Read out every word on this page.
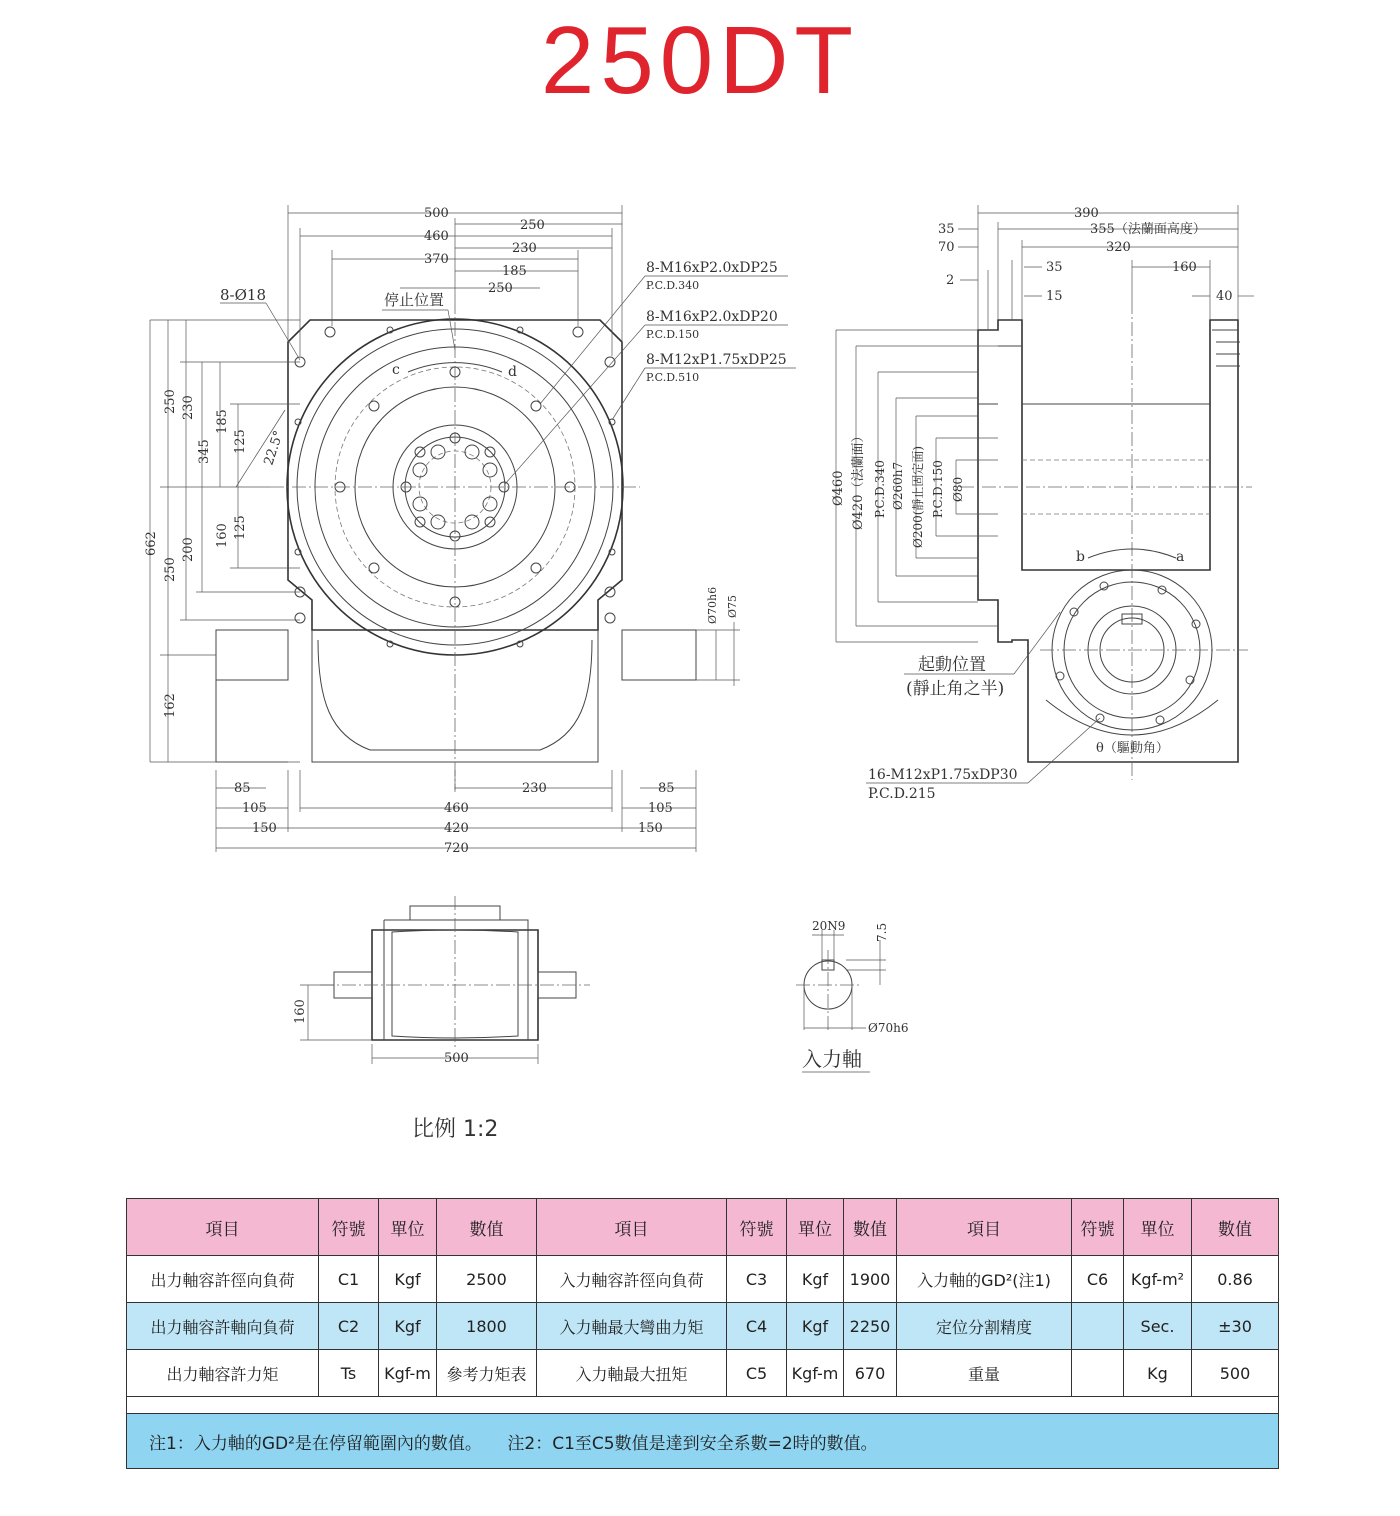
250DT
c	d
500
460
370
250
230
185
250
8-Ø18	停止位置
8-M16xP2.0xDP25
P.C.D.340
8-M16xP2.0xDP20
P.C.D.150
8-M12xP1.75xDP25
P.C.D.510
662
250
250
230
200
345
185
160
125
125
162
22.5°
Ø70h6 Ø75
85
105
150
460
420
720
230	85
105
150
b	a
θ（驅動角）
起動位置
(靜止角之半)
16-M12xP1.75xDP30
P.C.D.215
390
355（法蘭面高度）
320
35
70
35
15
160
2
40
Ø460 Ø420（法蘭面） P.C.D.340 Ø260h7 Ø200(靜止固定面) P.C.D.150 Ø80
160
500
20N9 7.5
Ø70h6
入力軸
比例 1:2
項目	符號	單位	數值	項目	符號	單位	數值	項目	符號	單位	數值
出力軸容許徑向負荷	C1	Kgf	2500	入力軸容許徑向負荷	C3	Kgf	1900	入力軸的GD²(注1)	C6	Kgf-m²	0.86
出力軸容許軸向負荷	C2	Kgf	1800	入力軸最大彎曲力矩	C4	Kgf	2250	定位分割精度		Sec.	±30
出力軸容許力矩	Ts	Kgf-m	參考力矩表	入力軸最大扭矩	C5	Kgf-m	670	重量		Kg	500

注1：入力軸的GD²是在停留範圍內的數值。　　注2：C1至C5數值是達到安全系數=2時的數值。											
